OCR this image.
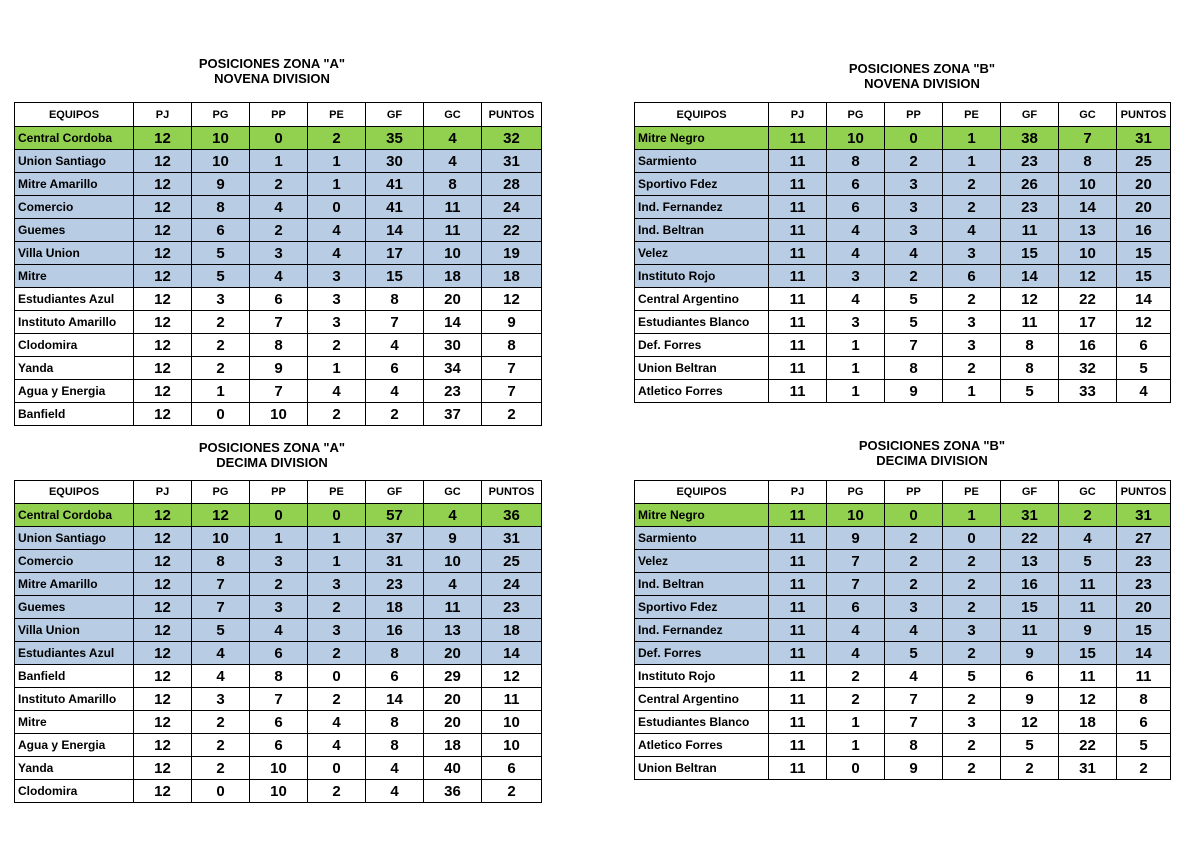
POSICIONES ZONA "A"
NOVENA DIVISION
EQUIPOS	PJ	PG	PP	PE	GF	GC	PUNTOS
Central Cordoba	12	10	0	2	35	4	32
Union Santiago	12	10	1	1	30	4	31
Mitre Amarillo	12	9	2	1	41	8	28
Comercio	12	8	4	0	41	11	24
Guemes	12	6	2	4	14	11	22
Villa Union	12	5	3	4	17	10	19
Mitre	12	5	4	3	15	18	18
Estudiantes Azul	12	3	6	3	8	20	12
Instituto Amarillo	12	2	7	3	7	14	9
Clodomira	12	2	8	2	4	30	8
Yanda	12	2	9	1	6	34	7
Agua y Energia	12	1	7	4	4	23	7
Banfield	12	0	10	2	2	37	2
POSICIONES ZONA "B"
NOVENA DIVISION
EQUIPOS	PJ	PG	PP	PE	GF	GC	PUNTOS
Mitre Negro	11	10	0	1	38	7	31
Sarmiento	11	8	2	1	23	8	25
Sportivo Fdez	11	6	3	2	26	10	20
Ind. Fernandez	11	6	3	2	23	14	20
Ind. Beltran	11	4	3	4	11	13	16
Velez	11	4	4	3	15	10	15
Instituto Rojo	11	3	2	6	14	12	15
Central Argentino	11	4	5	2	12	22	14
Estudiantes Blanco	11	3	5	3	11	17	12
Def. Forres	11	1	7	3	8	16	6
Union Beltran	11	1	8	2	8	32	5
Atletico Forres	11	1	9	1	5	33	4
POSICIONES ZONA "A"
DECIMA DIVISION
EQUIPOS	PJ	PG	PP	PE	GF	GC	PUNTOS
Central Cordoba	12	12	0	0	57	4	36
Union Santiago	12	10	1	1	37	9	31
Comercio	12	8	3	1	31	10	25
Mitre Amarillo	12	7	2	3	23	4	24
Guemes	12	7	3	2	18	11	23
Villa Union	12	5	4	3	16	13	18
Estudiantes Azul	12	4	6	2	8	20	14
Banfield	12	4	8	0	6	29	12
Instituto Amarillo	12	3	7	2	14	20	11
Mitre	12	2	6	4	8	20	10
Agua y Energia	12	2	6	4	8	18	10
Yanda	12	2	10	0	4	40	6
Clodomira	12	0	10	2	4	36	2
POSICIONES ZONA "B"
DECIMA DIVISION
EQUIPOS	PJ	PG	PP	PE	GF	GC	PUNTOS
Mitre Negro	11	10	0	1	31	2	31
Sarmiento	11	9	2	0	22	4	27
Velez	11	7	2	2	13	5	23
Ind. Beltran	11	7	2	2	16	11	23
Sportivo Fdez	11	6	3	2	15	11	20
Ind. Fernandez	11	4	4	3	11	9	15
Def. Forres	11	4	5	2	9	15	14
Instituto Rojo	11	2	4	5	6	11	11
Central Argentino	11	2	7	2	9	12	8
Estudiantes Blanco	11	1	7	3	12	18	6
Atletico Forres	11	1	8	2	5	22	5
Union Beltran	11	0	9	2	2	31	2
